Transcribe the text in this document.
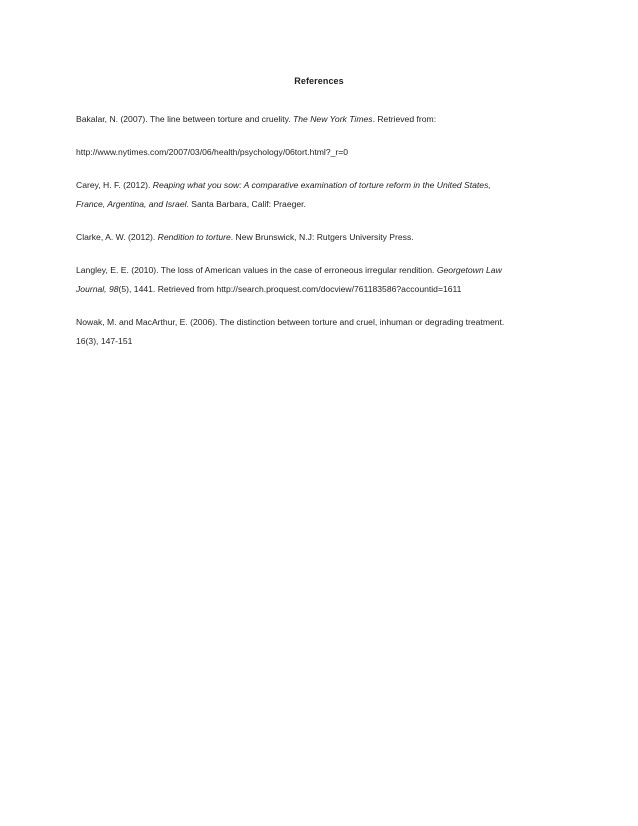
References
Bakalar, N. (2007). The line between torture and cruelity. The New York Times. Retrieved from:
http://www.nytimes.com/2007/03/06/health/psychology/06tort.html?_r=0
Carey, H. F. (2012). Reaping what you sow: A comparative examination of torture reform in the United States,
France, Argentina, and Israel. Santa Barbara, Calif: Praeger.
Clarke, A. W. (2012). Rendition to torture. New Brunswick, N.J: Rutgers University Press.
Langley, E. E. (2010). The loss of American values in the case of erroneous irregular rendition. Georgetown Law
Journal, 98(5), 1441. Retrieved from http://search.proquest.com/docview/761183586?accountid=1611
Nowak, M. and MacArthur, E. (2006). The distinction between torture and cruel, inhuman or degrading treatment.
16(3), 147-151
